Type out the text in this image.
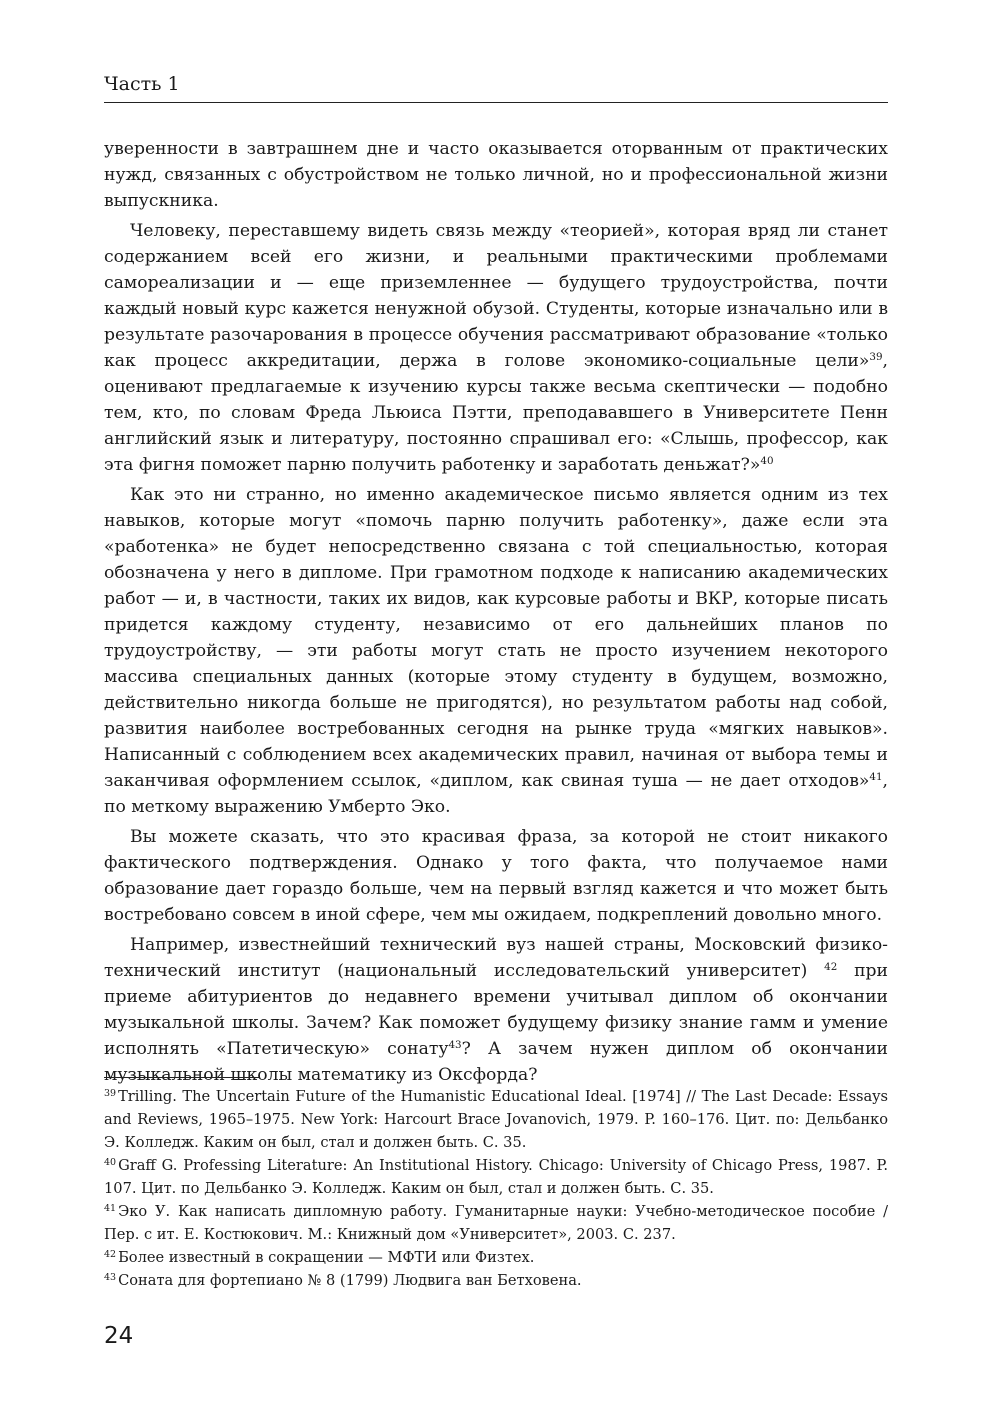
Часть 1

уверенности в завтрашнем дне и часто оказывается оторванным от практических нужд, связанных с обустройством не только личной, но и профессиональной жизни выпускника.

Человеку, переставшему видеть связь между «теорией», которая вряд ли станет содержанием всей его жизни, и реальными практическими проблемами самореализации и — еще приземленнее — будущего трудоустройства, почти каждый новый курс кажется ненужной обузой. Студенты, которые изначально или в результате разочарования в процессе обучения рассматривают образование «только как процесс аккредитации, держа в голове экономико-социальные цели»$^{39}$, оценивают предлагаемые к изучению курсы также весьма скептически — подобно тем, кто, по словам Фреда Льюиса Пэтти, преподававшего в Университете Пенн английский язык и литературу, постоянно спрашивал его: «Слышь, профессор, как эта фигня поможет парню получить работенку и заработать деньжат?»$^{40}$

Как это ни странно, но именно академическое письмо является одним из тех навыков, которые могут «помочь парню получить работенку», даже если эта «работенка» не будет непосредственно связана с той специальностью, которая обозначена у него в дипломе. При грамотном подходе к написанию академических работ — и, в частности, таких их видов, как курсовые работы и ВКР, которые писать придется каждому студенту, независимо от его дальнейших планов по трудоустройству, — эти работы могут стать не просто изучением некоторого массива специальных данных (которые этому студенту в будущем, возможно, действительно никогда больше не пригодятся), но результатом работы над собой, развития наиболее востребованных сегодня на рынке труда «мягких навыков». Написанный с соблюдением всех академических правил, начиная от выбора темы и заканчивая оформлением ссылок, «диплом, как свиная туша — не дает отходов»$^{41}$, по меткому выражению Умберто Эко.

Вы можете сказать, что это красивая фраза, за которой не стоит никакого фактического подтверждения. Однако у того факта, что получаемое нами образование дает гораздо больше, чем на первый взгляд кажется и что может быть востребовано совсем в иной сфере, чем мы ожидаем, подкреплений довольно много.

Например, известнейший технический вуз нашей страны, Московский физико-технический институт (национальный исследовательский университет) $^{42}$ при приеме абитуриентов до недавнего времени учитывал диплом об окончании музыкальной школы. Зачем? Как поможет будущему физику знание гамм и умение исполнять «Патетическую» сонату$^{43}$? А зачем нужен диплом об окончании музыкальной школы математику из Оксфорда?

$^{39}$ Trilling. The Uncertain Future of the Humanistic Educational Ideal. [1974] // The Last Decade: Essays and Reviews, 1965–1975. New York: Harcourt Brace Jovanovich, 1979. P. 160–176. Цит. по: Дельбанко Э. Колледж. Каким он был, стал и должен быть. С. 35.

$^{40}$ Graff G. Professing Literature: An Institutional History. Chicago: University of Chicago Press, 1987. P. 107. Цит. по Дельбанко Э. Колледж. Каким он был, стал и должен быть. С. 35.

$^{41}$ Эко У. Как написать дипломную работу. Гуманитарные науки: Учебно-методическое пособие / Пер. с ит. Е. Костюкович. М.: Книжный дом «Университет», 2003. С. 237.

$^{42}$ Более известный в сокращении — МФТИ или Физтех.

$^{43}$ Соната для фортепиано № 8 (1799) Людвига ван Бетховена.

24
